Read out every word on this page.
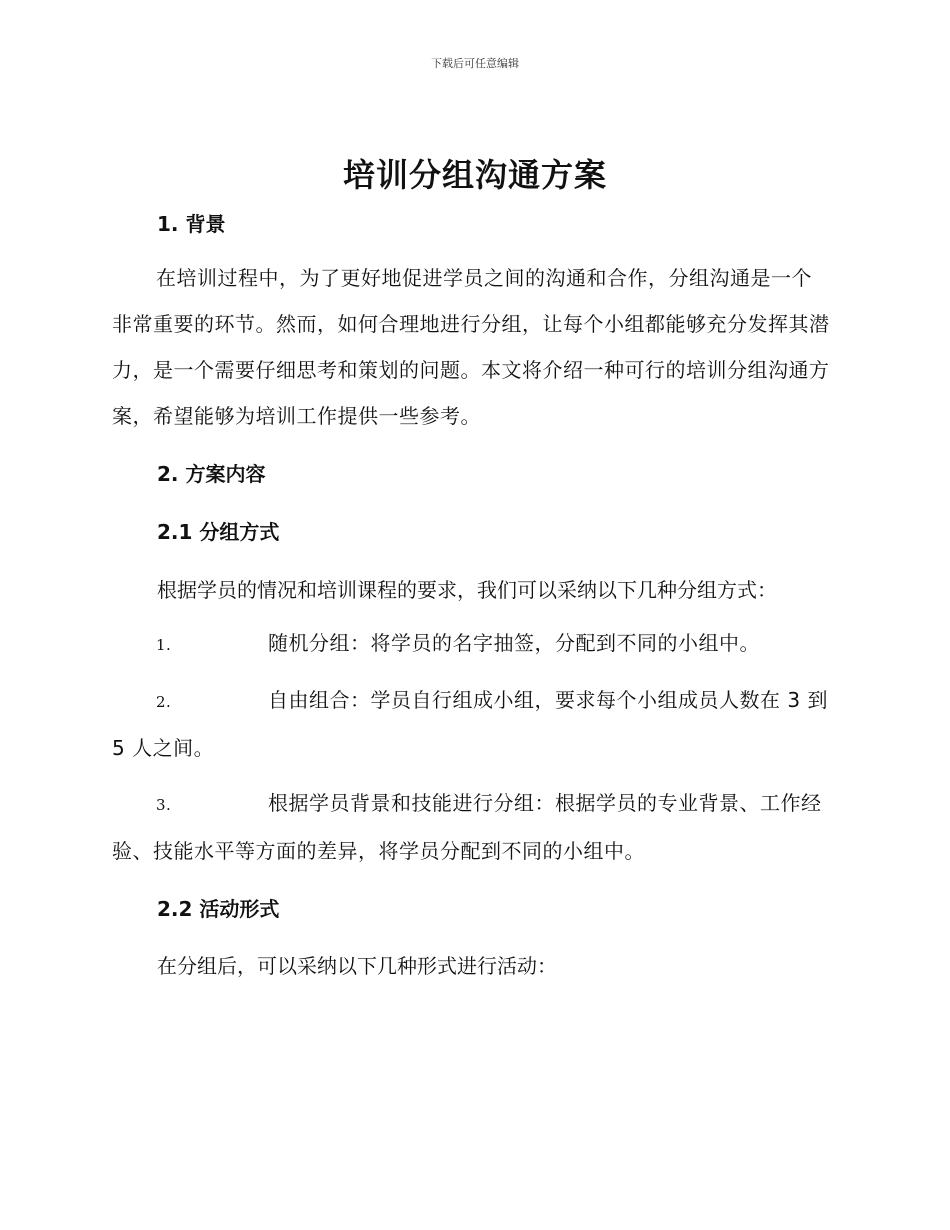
下载后可任意编辑
培训分组沟通方案
1. 背景
在培训过程中，为了更好地促进学员之间的沟通和合作，分组沟通是一个非常重要的环节。然而，如何合理地进行分组，让每个小组都能够充分发挥其潜力，是一个需要仔细思考和策划的问题。本文将介绍一种可行的培训分组沟通方案，希望能够为培训工作提供一些参考。
2. 方案内容
2.1 分组方式
根据学员的情况和培训课程的要求，我们可以采纳以下几种分组方式：
1.	随机分组：将学员的名字抽签，分配到不同的小组中。
2.	自由组合：学员自行组成小组，要求每个小组成员人数在 3 到 5 人之间。
3.	根据学员背景和技能进行分组：根据学员的专业背景、工作经验、技能水平等方面的差异，将学员分配到不同的小组中。
2.2 活动形式
在分组后，可以采纳以下几种形式进行活动：
